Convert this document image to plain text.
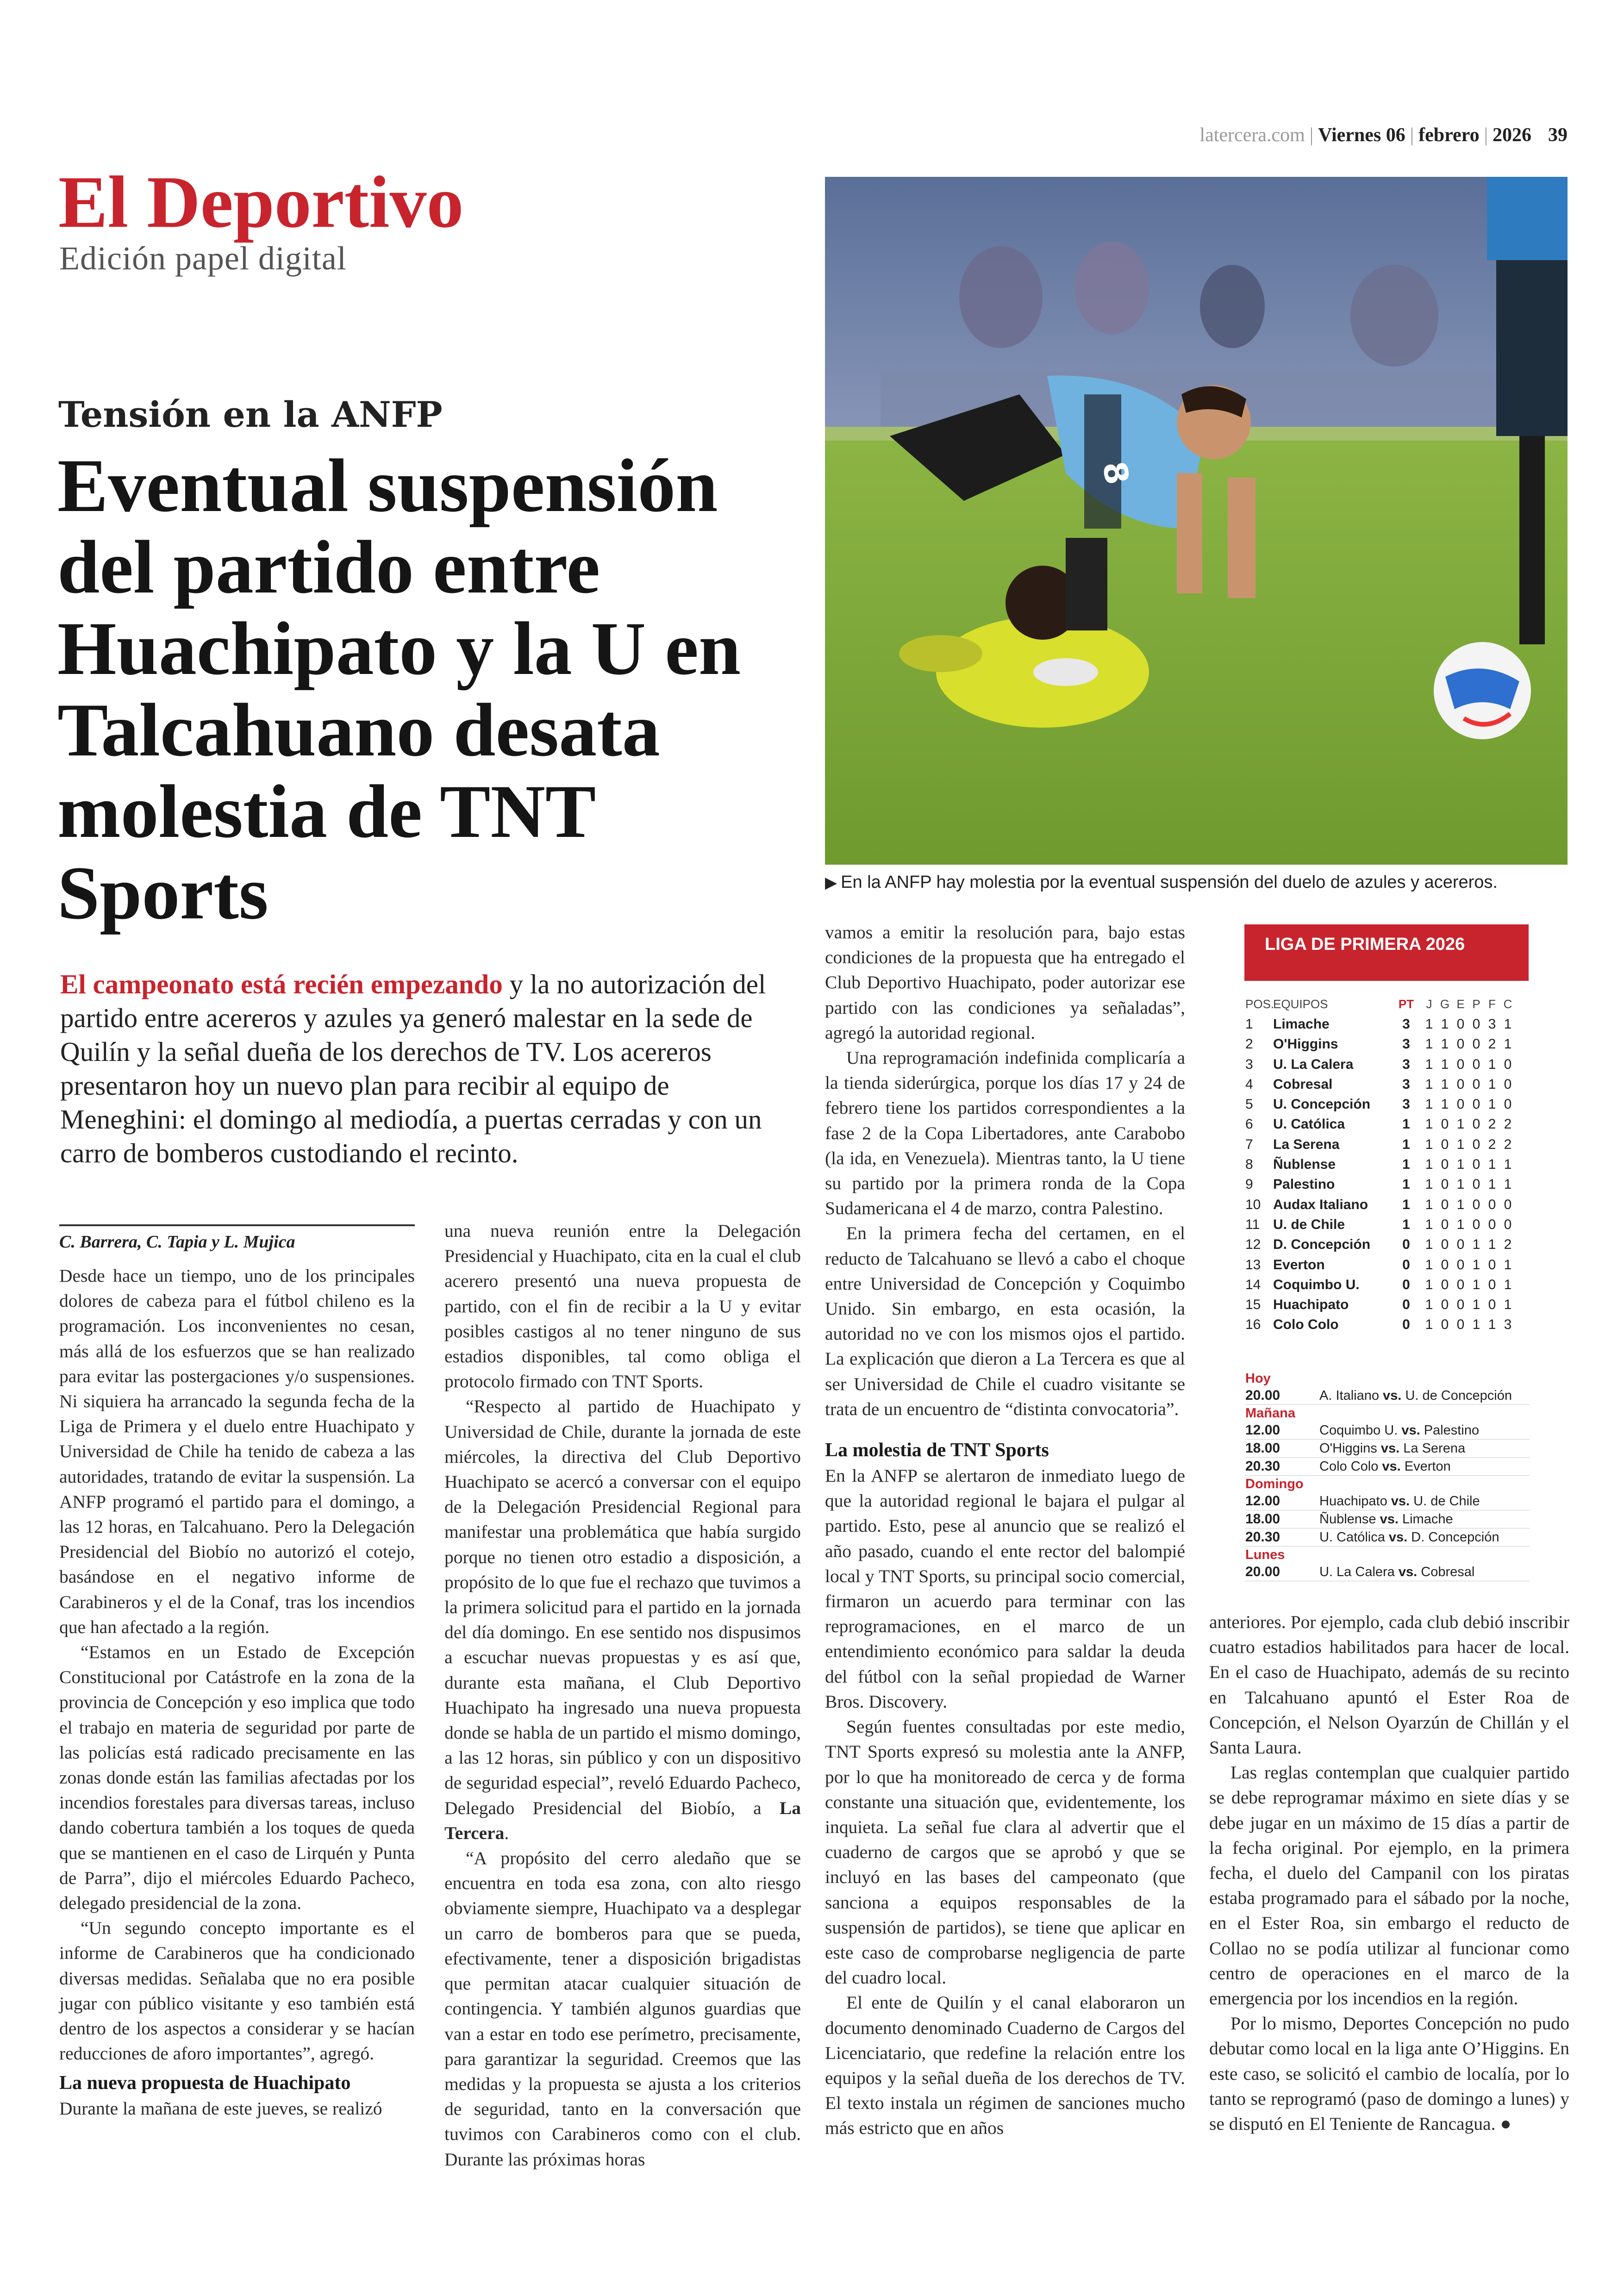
latercera.com | Viernes 06 | febrero | 2026 39
El Deportivo
Edición papel digital
Tensión en la ANFP
Eventual suspensión del partido entre Huachipato y la U en Talcahuano desata molestia de TNT Sports

El campeonato está recién empezando y la no autorización del partido entre acereros y azules ya generó malestar en la sede de Quilín y la señal dueña de los derechos de TV. Los acereros presentaron hoy un nuevo plan para recibir al equipo de Meneghini: el domingo al mediodía, a puertas cerradas y con un carro de bomberos custodiando el recinto.

8
▶ En la ANFP hay molestia por la eventual suspensión del duelo de azules y acereros.
C. Barrera, C. Tapia y L. Mujica

Desde hace un tiempo, uno de los principales dolores de cabeza para el fútbol chileno es la programación. Los inconvenientes no cesan, más allá de los esfuerzos que se han realizado para evitar las postergaciones y/o suspensiones. Ni siquiera ha arrancado la segunda fecha de la Liga de Primera y el duelo entre Huachipato y Universidad de Chile ha tenido de cabeza a las autoridades, tratando de evitar la suspensión. La ANFP programó el partido para el domingo, a las 12 horas, en Talcahuano. Pero la Delegación Presidencial del Biobío no autorizó el cotejo, basándose en el negativo informe de Carabineros y el de la Conaf, tras los incendios que han afectado a la región.

“Estamos en un Estado de Excepción Constitucional por Catástrofe en la zona de la provincia de Concepción y eso implica que todo el trabajo en materia de seguridad por parte de las policías está radicado precisamente en las zonas donde están las familias afectadas por los incendios forestales para diversas tareas, incluso dando cobertura también a los toques de queda que se mantienen en el caso de Lirquén y Punta de Parra”, dijo el miércoles Eduardo Pacheco, delegado presidencial de la zona.

“Un segundo concepto importante es el informe de Carabineros que ha condicionado diversas medidas. Señalaba que no era posible jugar con público visitante y eso también está dentro de los aspectos a considerar y se hacían reducciones de aforo importantes”, agregó.

La nueva propuesta de Huachipato

Durante la mañana de este jueves, se realizó

una nueva reunión entre la Delegación Presidencial y Huachipato, cita en la cual el club acerero presentó una nueva propuesta de partido, con el fin de recibir a la U y evitar posibles castigos al no tener ninguno de sus estadios disponibles, tal como obliga el protocolo firmado con TNT Sports.

“Respecto al partido de Huachipato y Universidad de Chile, durante la jornada de este miércoles, la directiva del Club Deportivo Huachipato se acercó a conversar con el equipo de la Delegación Presidencial Regional para manifestar una problemática que había surgido porque no tienen otro estadio a disposición, a propósito de lo que fue el rechazo que tuvimos a la primera solicitud para el partido en la jornada del día domingo. En ese sentido nos dispusimos a escuchar nuevas propuestas y es así que, durante esta mañana, el Club Deportivo Huachipato ha ingresado una nueva propuesta donde se habla de un partido el mismo domingo, a las 12 horas, sin público y con un dispositivo de seguridad especial”, reveló Eduardo Pacheco, Delegado Presidencial del Biobío, a La Tercera.

“A propósito del cerro aledaño que se encuentra en toda esa zona, con alto riesgo obviamente siempre, Huachipato va a desplegar un carro de bomberos para que se pueda, efectivamente, tener a disposición brigadistas que permitan atacar cualquier situación de contingencia. Y también algunos guardias que van a estar en todo ese perímetro, precisamente, para garantizar la seguridad. Creemos que las medidas y la propuesta se ajusta a los criterios de seguridad, tanto en la conversación que tuvimos con Carabineros como con el club. Durante las próximas horas

vamos a emitir la resolución para, bajo estas condiciones de la propuesta que ha entregado el Club Deportivo Huachipato, poder autorizar ese partido con las condiciones ya señaladas”, agregó la autoridad regional.

Una reprogramación indefinida complicaría a la tienda siderúrgica, porque los días 17 y 24 de febrero tiene los partidos correspondientes a la fase 2 de la Copa Libertadores, ante Carabobo (la ida, en Venezuela). Mientras tanto, la U tiene su partido por la primera ronda de la Copa Sudamericana el 4 de marzo, contra Palestino.

En la primera fecha del certamen, en el reducto de Talcahuano se llevó a cabo el choque entre Universidad de Concepción y Coquimbo Unido. Sin embargo, en esta ocasión, la autoridad no ve con los mismos ojos el partido. La explicación que dieron a La Tercera es que al ser Universidad de Chile el cuadro visitante se trata de un encuentro de “distinta convocatoria”.

La molestia de TNT Sports

En la ANFP se alertaron de inmediato luego de que la autoridad regional le bajara el pulgar al partido. Esto, pese al anuncio que se realizó el año pasado, cuando el ente rector del balompié local y TNT Sports, su principal socio comercial, firmaron un acuerdo para terminar con las reprogramaciones, en el marco de un entendimiento económico para saldar la deuda del fútbol con la señal propiedad de Warner Bros. Discovery.

Según fuentes consultadas por este medio, TNT Sports expresó su molestia ante la ANFP, por lo que ha monitoreado de cerca y de forma constante una situación que, evidentemente, los inquieta. La señal fue clara al advertir que el cuaderno de cargos que se aprobó y que se incluyó en las bases del campeonato (que sanciona a equipos responsables de la suspensión de partidos), se tiene que aplicar en este caso de comprobarse negligencia de parte del cuadro local.

El ente de Quilín y el canal elaboraron un documento denominado Cuaderno de Cargos del Licenciatario, que redefine la relación entre los equipos y la señal dueña de los derechos de TV. El texto instala un régimen de sanciones mucho más estricto que en años

LIGA DE PRIMERA 2026
POS.
EQUIPOS	PT	J G E P F C
1	Limache	3	1 1 0 0 3 1
2	O'Higgins	3	1 1 0 0 2 1
3	U. La Calera	3	1 1 0 0 1 0
4	Cobresal	3	1 1 0 0 1 0
5	U. Concepción	3	1 1 0 0 1 0
6	U. Católica	1	1 0 1 0 2 2
7	La Serena	1	1 0 1 0 2 2
8	Ñublense	1	1 0 1 0 1 1
9	Palestino	1	1 0 1 0 1 1
10 Audax Italiano	1	1 0 1 0 0 0
11 U. de Chile	1	1 0 1 0 0 0
12 D. Concepción	0	1 0 0 1 1 2
13 Everton	0	1 0 0 1 0 1
14 Coquimbo U.	0	1 0 0 1 0 1
15 Huachipato	0	1 0 0 1 0 1
16 Colo Colo	0	1 0 0 1 1 3
Hoy
20.00	A. Italiano vs. U. de Concepción
Mañana
12.00	Coquimbo U. vs. Palestino
18.00	O'Higgins vs. La Serena
20.30	Colo Colo vs. Everton
Domingo
12.00	Huachipato vs. U. de Chile
18.00	Ñublense vs. Limache
20.30	U. Católica vs. D. Concepción
Lunes
20.00	U. La Calera vs. Cobresal

anteriores. Por ejemplo, cada club debió inscribir cuatro estadios habilitados para hacer de local. En el caso de Huachipato, además de su recinto en Talcahuano apuntó el Ester Roa de Concepción, el Nelson Oyarzún de Chillán y el Santa Laura.

Las reglas contemplan que cualquier partido se debe reprogramar máximo en siete días y se debe jugar en un máximo de 15 días a partir de la fecha original. Por ejemplo, en la primera fecha, el duelo del Campanil con los piratas estaba programado para el sábado por la noche, en el Ester Roa, sin embargo el reducto de Collao no se podía utilizar al funcionar como centro de operaciones en el marco de la emergencia por los incendios en la región.

Por lo mismo, Deportes Concepción no pudo debutar como local en la liga ante O’Higgins. En este caso, se solicitó el cambio de localía, por lo tanto se reprogramó (paso de domingo a lunes) y se disputó en El Teniente de Rancagua. ●
